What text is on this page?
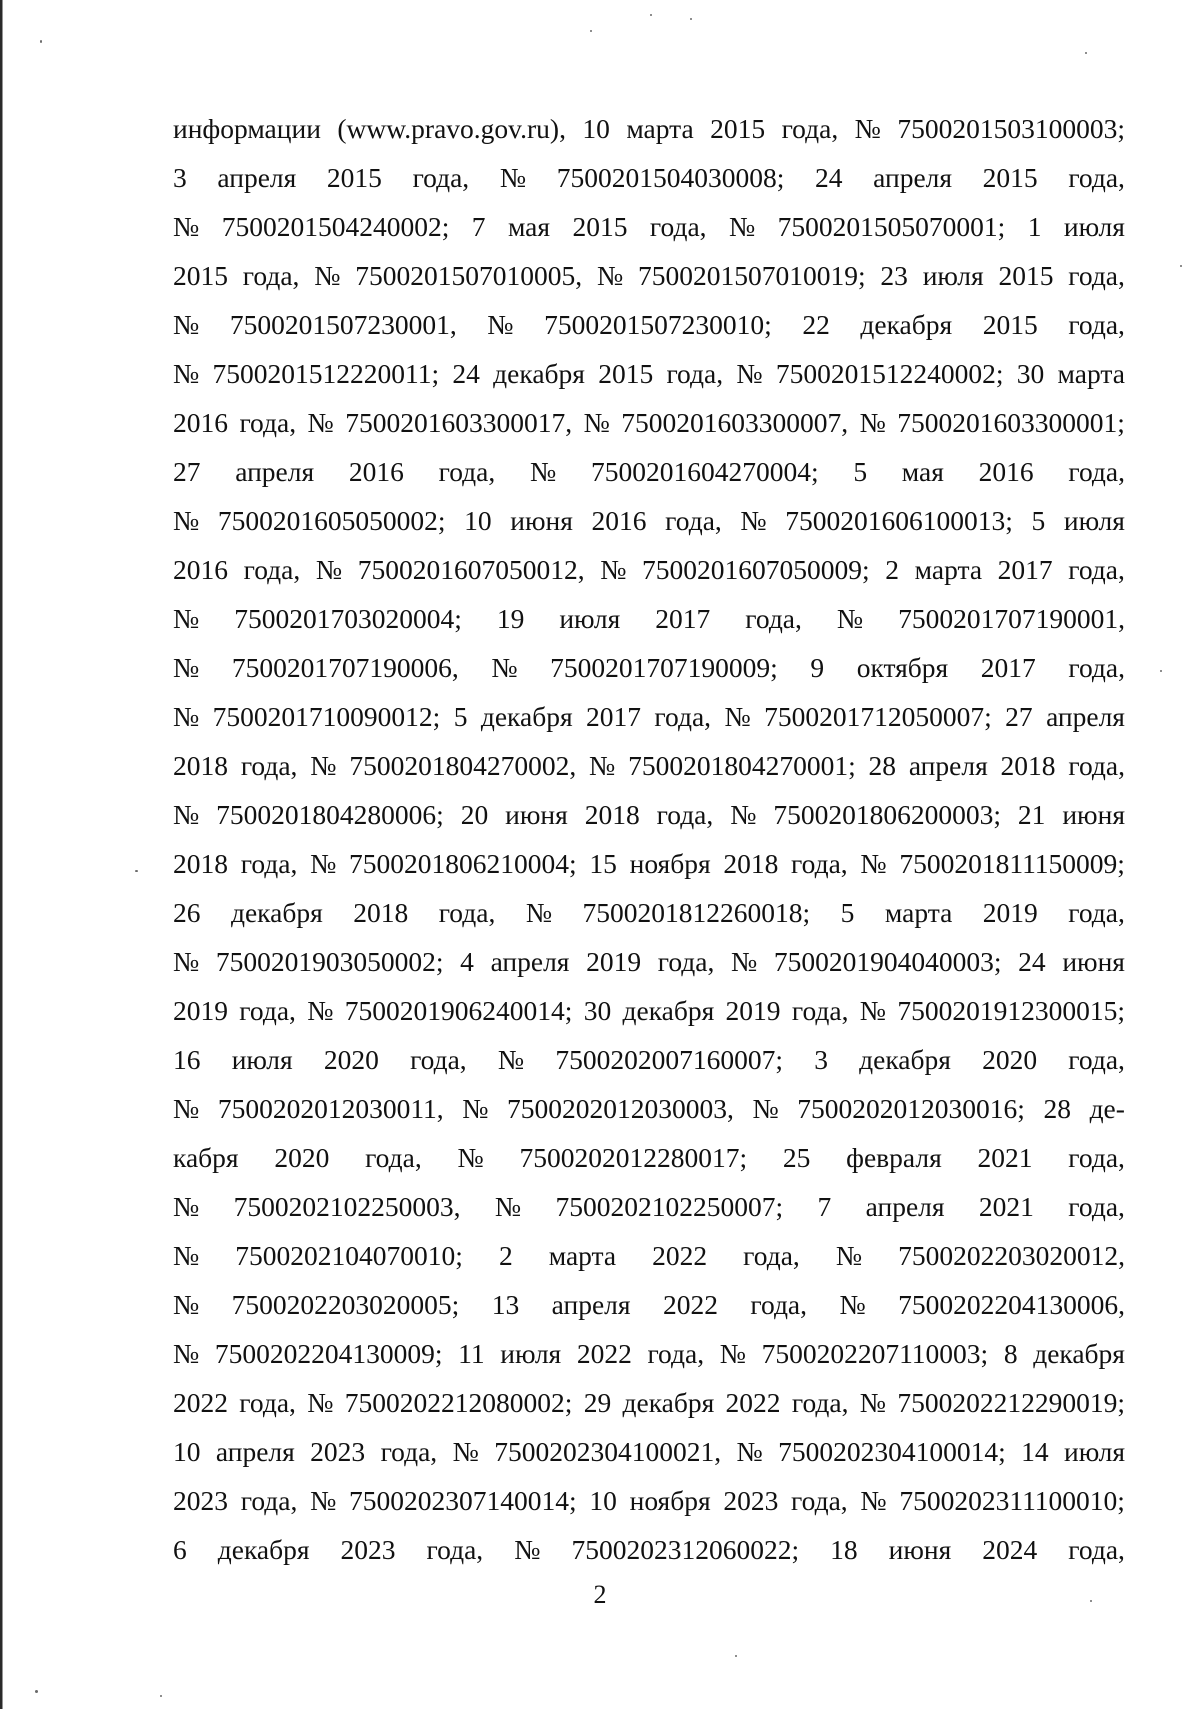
информации (www.pravo.gov.ru), 10 марта 2015 года, № 7500201503100003;
3 апреля 2015 года, № 7500201504030008; 24 апреля 2015 года,
№ 7500201504240002; 7 мая 2015 года, № 7500201505070001; 1 июля
2015 года, № 7500201507010005, № 7500201507010019; 23 июля 2015 года,
№ 7500201507230001, № 7500201507230010; 22 декабря 2015 года,
№ 7500201512220011; 24 декабря 2015 года, № 7500201512240002; 30 марта
2016 года, № 7500201603300017, № 7500201603300007, № 7500201603300001;
27 апреля 2016 года, № 7500201604270004; 5 мая 2016 года,
№ 7500201605050002; 10 июня 2016 года, № 7500201606100013; 5 июля
2016 года, № 7500201607050012, № 7500201607050009; 2 марта 2017 года,
№ 7500201703020004; 19 июля 2017 года, № 7500201707190001,
№ 7500201707190006, № 7500201707190009; 9 октября 2017 года,
№ 7500201710090012; 5 декабря 2017 года, № 7500201712050007; 27 апреля
2018 года, № 7500201804270002, № 7500201804270001; 28 апреля 2018 года,
№ 7500201804280006; 20 июня 2018 года, № 7500201806200003; 21 июня
2018 года, № 7500201806210004; 15 ноября 2018 года, № 7500201811150009;
26 декабря 2018 года, № 7500201812260018; 5 марта 2019 года,
№ 7500201903050002; 4 апреля 2019 года, № 7500201904040003; 24 июня
2019 года, № 7500201906240014; 30 декабря 2019 года, № 7500201912300015;
16 июля 2020 года, № 7500202007160007; 3 декабря 2020 года,
№ 7500202012030011, № 7500202012030003, № 7500202012030016; 28 де-
кабря 2020 года, № 7500202012280017; 25 февраля 2021 года,
№ 7500202102250003, № 7500202102250007; 7 апреля 2021 года,
№ 7500202104070010; 2 марта 2022 года, № 7500202203020012,
№ 7500202203020005; 13 апреля 2022 года, № 7500202204130006,
№ 7500202204130009; 11 июля 2022 года, № 7500202207110003; 8 декабря
2022 года, № 7500202212080002; 29 декабря 2022 года, № 7500202212290019;
10 апреля 2023 года, № 7500202304100021, № 7500202304100014; 14 июля
2023 года, № 7500202307140014; 10 ноября 2023 года, № 7500202311100010;
6 декабря 2023 года, № 7500202312060022; 18 июня 2024 года,
2
